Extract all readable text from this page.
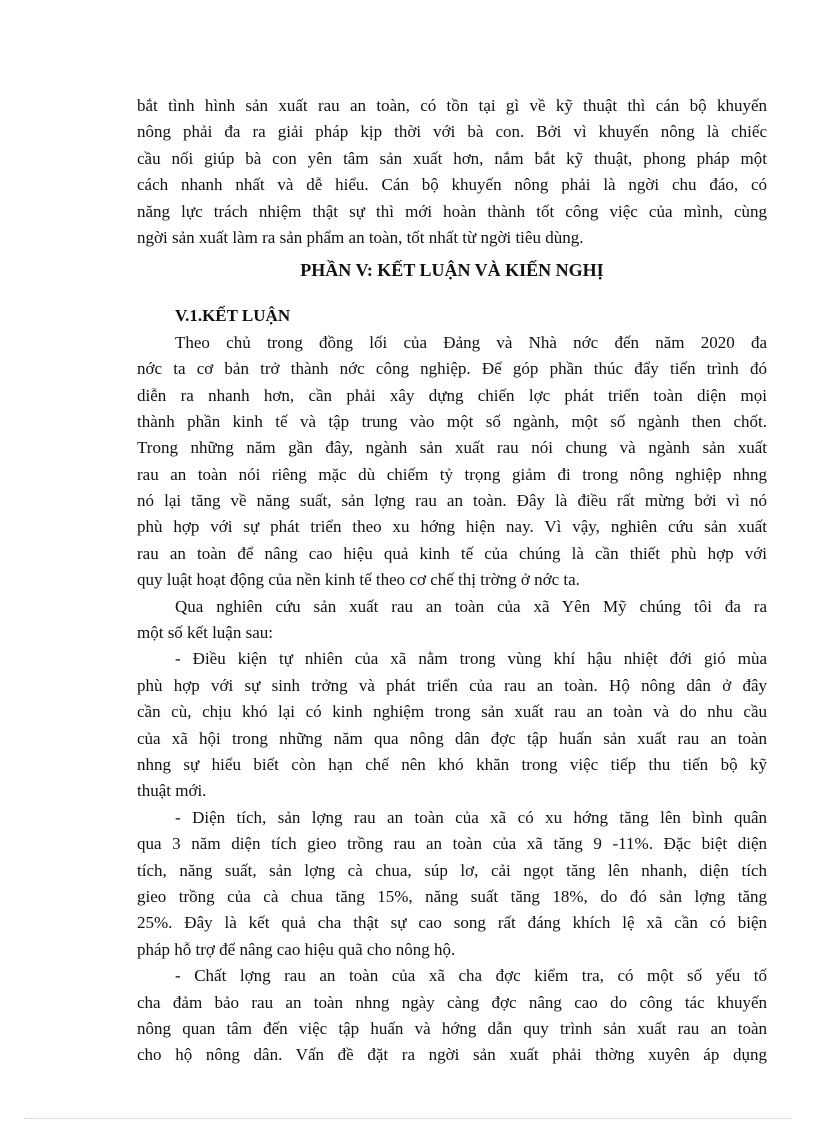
bắt tình hình sản xuất rau an toàn, có tồn tại gì về kỹ thuật thì cán bộ khuyến
nông phải đa ra giải pháp kịp thời với bà con. Bởi vì khuyến nông là chiếc
cầu nối giúp bà con yên tâm sản xuất hơn, nắm bắt kỹ thuật, phong pháp một
cách nhanh nhất và dễ hiểu. Cán bộ khuyến nông phải là ngời chu đáo, có
năng lực trách nhiệm thật sự thì mới hoàn thành tốt công việc của mình, cùng
ngời sản xuất làm ra sản phẩm an toàn, tốt nhất từ ngời tiêu dùng.
PHẦN V: KẾT LUẬN VÀ KIẾN NGHỊ
V.1.KẾT LUẬN
Theo chủ trong đồng lối của Đảng và Nhà nớc đến năm 2020 đa
nớc ta cơ bản trở thành nớc công nghiệp. Để góp phần thúc đẩy tiến trình đó
diễn ra nhanh hơn, cần phải xây dựng chiến lợc phát triển toàn diện mọi
thành phần kinh tế và tập trung vào một số ngành, một số ngành then chốt.
Trong những năm gần đây, ngành sản xuất rau nói chung và ngành sản xuất
rau an toàn nói riêng mặc dù chiếm tỷ trọng giảm đi trong nông nghiệp nhng
nó lại tăng về năng suất, sản lợng rau an toàn. Đây là điều rất mừng bởi vì nó
phù hợp với sự phát triển theo xu hớng hiện nay. Vì vậy, nghiên cứu sản xuất
rau an toàn để nâng cao hiệu quả kinh tế của chúng là cần thiết phù hợp với
quy luật hoạt động của nền kinh tế theo cơ chế thị trờng ở nớc ta.
Qua nghiên cứu sản xuất rau an toàn của xã Yên Mỹ chúng tôi đa ra
một số kết luận sau:
- Điều kiện tự nhiên của xã nằm trong vùng khí hậu nhiệt đới gió mùa
phù hợp với sự sinh trởng và phát triển của rau an toàn. Hộ nông dân ở đây
cần cù, chịu khó lại có kinh nghiệm trong sản xuất rau an toàn và do nhu cầu
của xã hội trong những năm qua nông dân đợc tập huấn sản xuất rau an toàn
nhng sự hiểu biết còn hạn chế nên khó khăn trong việc tiếp thu tiến bộ kỹ
thuật mới.
- Diện tích, sản lợng rau an toàn của xã có xu hớng tăng lên bình quân
qua 3 năm diện tích gieo trồng rau an toàn của xã tăng 9 -11%. Đặc biệt diện
tích, năng suất, sản lợng cà chua, súp lơ, cải ngọt tăng lên nhanh, diện tích
gieo trồng của cà chua tăng 15%, năng suất tăng 18%, do đó sản lợng tăng
25%. Đây là kết quả cha thật sự cao song rất đáng khích lệ xã cần có biện
pháp hỗ trợ để nâng cao hiệu quã cho nông hộ.
- Chất lợng rau an toàn của xã cha đợc kiểm tra, có một số yếu tố
cha đảm bảo rau an toàn nhng ngày càng đợc nâng cao do công tác khuyến
nông quan tâm đến việc tập huấn và hớng dẫn quy trình sản xuất rau an toàn
cho hộ nông dân. Vấn đề đặt ra ngời sản xuất phải thờng xuyên áp dụng
